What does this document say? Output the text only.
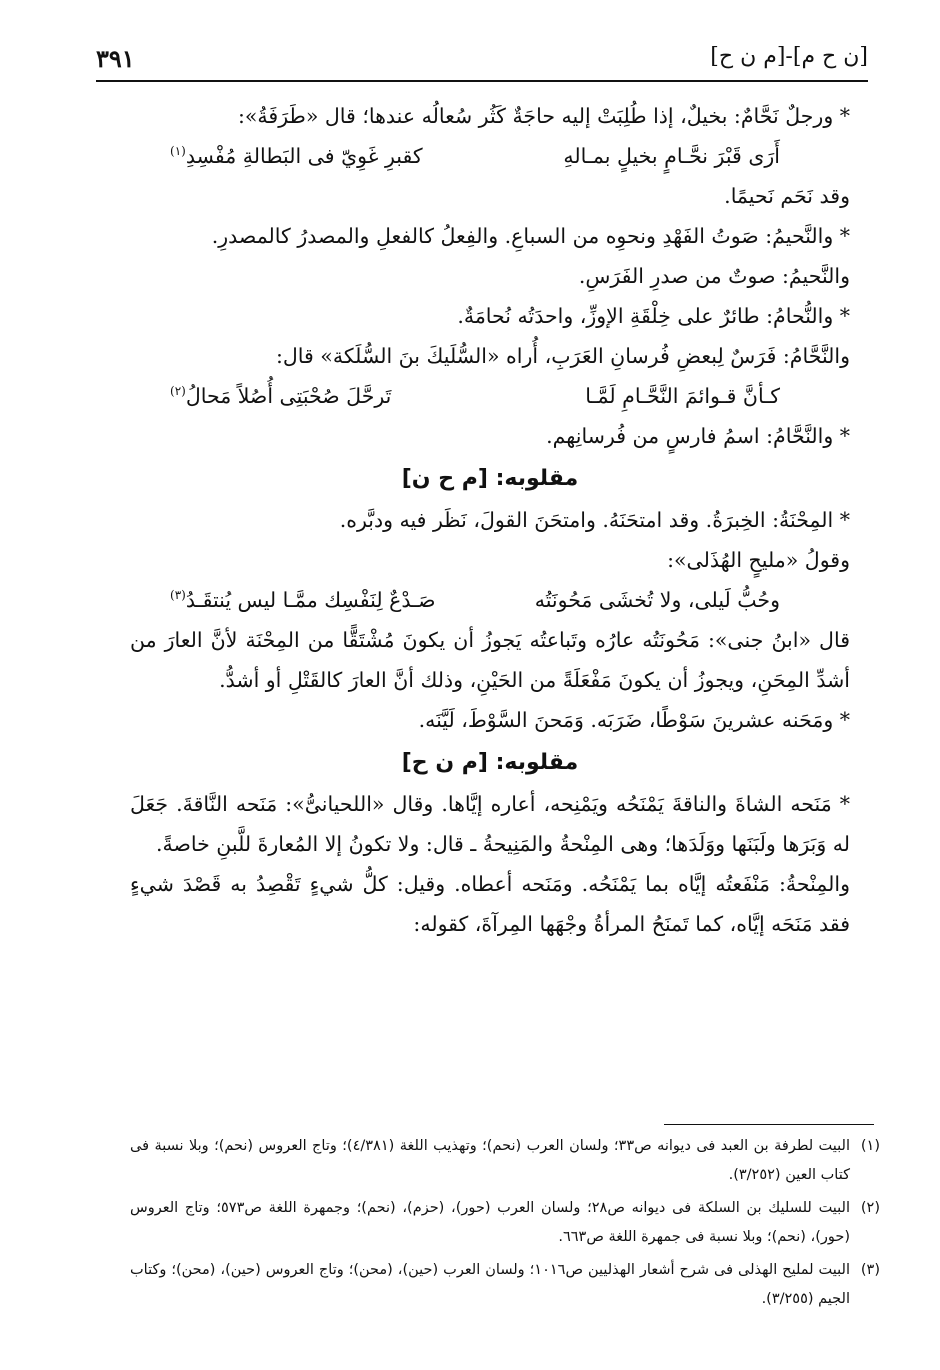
[ن ح م]-[م ن ح]
٣٩١

* ورجلٌ نَحَّامٌ: بخيلٌ، إذا طُلِبَتْ إليه حاجَةٌ كَثُر سُعالُه عندها؛ قال «طَرَفَةُ»:

أَرَى قَبْرَ نحَّـامٍ بخيلٍ بمـالهِ
كقبرِ غَوِيّ فى البَطالةِ مُفْسِدِ$^{(١)}$

وقد نَحَم نَحيمًا.

* والنَّحيمُ: صَوتُ الفَهْدِ ونحوِه من السباعِ. والفِعلُ كالفعلِ والمصدرُ كالمصدرِ.

والنَّحيمُ: صوتٌ من صدرِ الفَرَسِ.

* والنُّحامُ: طائرٌ على خِلْقَةِ الإوزِّ، واحدَتُه نُحامَةٌ.

والنَّحَّامُ: فَرَسٌ لِبعضِ فُرسانِ العَرَبِ، أُراه «السُّلَيكَ بنَ السُّلَكة» قال:

كـأنَّ قـوائمَ النَّحَّـامِ لَمَّـا
تَرحَّلَ صُحْبَتِى أُصُلاً مَحالُ$^{(٢)}$

* والنَّحَّامُ: اسمُ فارسٍ من فُرسانِهم.

مقلوبه: [م ح ن]

* المِحْنَةُ: الخِبرَةُ. وقد امتحَنَهُ. وامتحَنَ القولَ، نَظَر فيه ودبَّره.

وقولُ «مليحٍ الهُذَلى»:

وحُبُّ لَيلى، ولا تُخشَى مَحُونَتُه
صَـدْعٌ لِنَفْسِك ممَّـا ليس يُنتقَـدُ$^{(٣)}$

قال «ابنُ جنى»: مَحُونَتُه عارُه وتَباعتُه يَجوزُ أن يكونَ مُشْتَقًّا من المِحْنَة لأنَّ العارَ من أشدِّ المِحَنِ، ويجوزُ أن يكونَ مَفْعَلَةً من الحَيْنِ، وذلك أنَّ العارَ كالقَتْلِ أو أشدُّ.

* ومَحَنه عشرينَ سَوْطًا، ضَرَبَه. وَمَحنَ السَّوْطَ، لَيَّنَه.

مقلوبه: [م ن ح]

* مَنَحه الشاةَ والناقةَ يَمْنَحُه ويَمْنِحه، أعاره إيَّاها. وقال «اللحيانىُّ»: مَنَحه النَّاقةَ. جَعَلَ له وَبَرَها ولَبَنَها ووَلَدَها؛ وهى المِنْحةُ والمَنِيحةُ ـ قال: ولا تكونُ إلا المُعارةَ للَّبنِ خاصةً.

والمِنْحةُ: مَنْفَعتُه إيَّاه بما يَمْنَحُه. ومَنَحه أعطاه. وقيل: كلُّ شيءٍ تَقْصِدُ به قَصْدَ شيءٍ فقد مَنَحَه إيَّاه، كما تَمنَحُ المرأةُ وجْهَها المِرآةَ، كقوله:

(١)
البيت لطرفة بن العبد فى ديوانه ص٣٣؛ ولسان العرب (نحم)؛ وتهذيب اللغة (٤/٣٨١)؛ وتاج العروس (نحم)؛ وبلا نسبة فى كتاب العين (٣/٢٥٢).

(٢)
البيت للسليك بن السلكة فى ديوانه ص٢٨؛ ولسان العرب (حور)، (حزم)، (نحم)؛ وجمهرة اللغة ص٥٧٣؛ وتاج العروس (حور)، (نحم)؛ وبلا نسبة فى جمهرة اللغة ص٦٦٣.

(٣)
البيت لمليح الهذلى فى شرح أشعار الهذليين ص١٠١٦؛ ولسان العرب (حين)، (محن)؛ وتاج العروس (حين)، (محن)؛ وكتاب الجيم (٣/٢٥٥).
